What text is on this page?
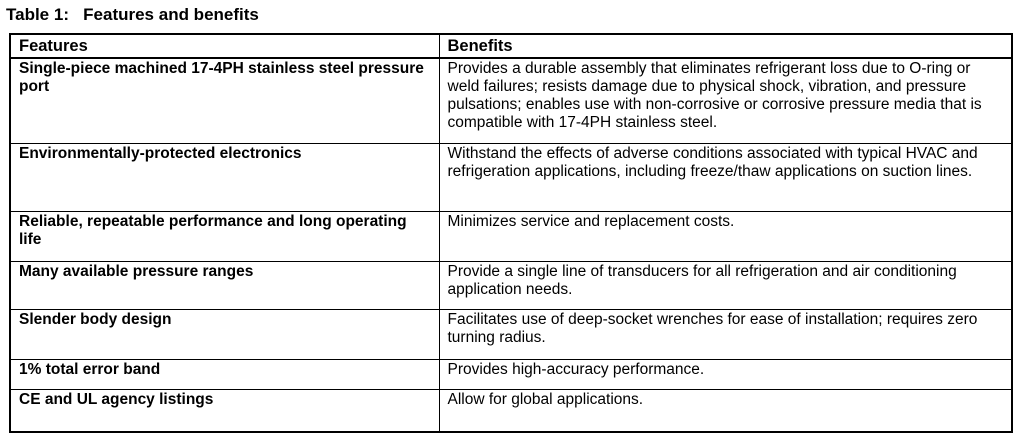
Table 1:   Features and benefits
Features	Benefits
Single-piece machined 17-4PH stainless steel pressure port	Provides a durable assembly that eliminates refrigerant loss due to O-ring or weld failures; resists damage due to physical shock, vibration, and pressure pulsations; enables use with non-corrosive or corrosive pressure media that is compatible with 17-4PH stainless steel.
Environmentally-protected electronics	Withstand the effects of adverse conditions associated with typical HVAC and refrigeration applications, including freeze/thaw applications on suction lines.
Reliable, repeatable performance and long operating life	Minimizes service and replacement costs.
Many available pressure ranges	Provide a single line of transducers for all refrigeration and air conditioning application needs.
Slender body design	Facilitates use of deep-socket wrenches for ease of installation; requires zero turning radius.
1% total error band	Provides high-accuracy performance.
CE and UL agency listings	Allow for global applications.
